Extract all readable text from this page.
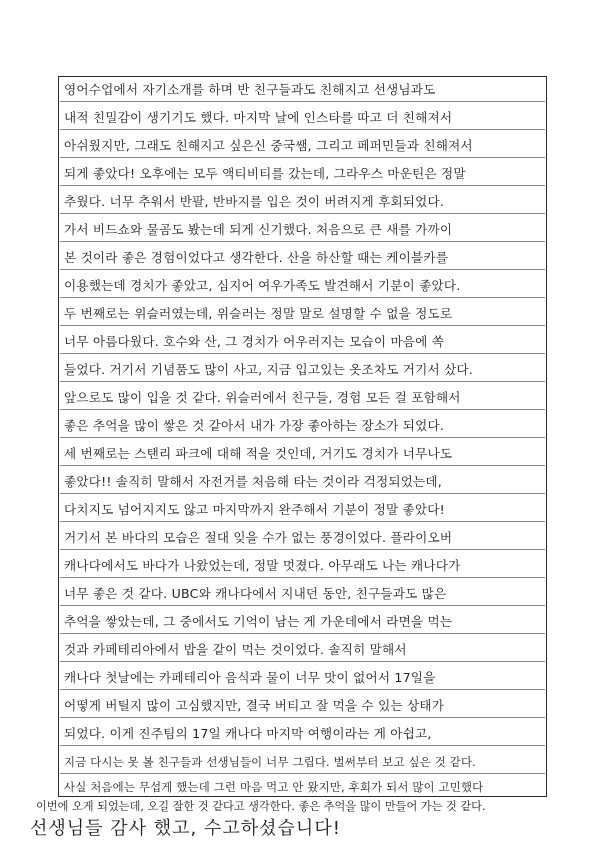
영어수업에서 자기소개를 하며 반 친구들과도 친해지고 선생님과도
내적 친밀감이 생기기도 했다. 마지막 날에 인스타를 따고 더 친해져서
아쉬웠지만, 그래도 친해지고 싶은신 중국쌤, 그리고 페퍼민들과 친해져서
되게 좋았다! 오후에는 모두 액티비티를 갔는데, 그라우스 마운틴은 정말
추웠다. 너무 추워서 반팔, 반바지를 입은 것이 버려지게 후회되었다.
가서 비드쇼와 물곰도 봤는데 되게 신기했다. 처음으로 큰 새를 가까이
본 것이라 좋은 경험이었다고 생각한다. 산을 하산할 때는 케이블카를
이용했는데 경치가 좋았고, 심지어 여우가족도 발견해서 기분이 좋았다.
두 번째로는 위슬러였는데, 위슬러는 정말 말로 설명할 수 없을 정도로
너무 아름다웠다. 호수와 산, 그 경치가 어우러지는 모습이 마음에 쏙
들었다. 거기서 기념품도 많이 사고, 지금 입고있는 옷조차도 거기서 샀다.
앞으로도 많이 입을 것 같다. 위슬러에서 친구들, 경험 모든 걸 포함해서
좋은 추억을 많이 쌓은 것 같아서 내가 가장 좋아하는 장소가 되었다.
세 번째로는 스탠리 파크에 대해 적을 것인데, 거기도 경치가 너무나도
좋았다!! 솔직히 말해서 자전거를 처음해 타는 것이라 걱정되었는데,
다치지도 넘어지지도 않고 마지막까지 완주해서 기분이 정말 좋았다!
거기서 본 바다의 모습은 절대 잊을 수가 없는 풍경이었다. 플라이오버
캐나다에서도 바다가 나왔었는데, 정말 멋졌다. 아무래도 나는 캐나다가
너무 좋은 것 같다. UBC와 캐나다에서 지내던 동안, 친구들과도 많은
추억을 쌓았는데, 그 중에서도 기억이 남는 게 가운데에서 라면을 먹는
것과 카페테리아에서 밥을 같이 먹는 것이었다. 솔직히 말해서
캐나다 첫날에는 카페테리아 음식과 물이 너무 맛이 없어서 17일을
어떻게 버틸지 많이 고심했지만, 결국 버티고 잘 먹을 수 있는 상태가
되었다. 이게 진주팀의 17일 캐나다 마지막 여행이라는 게 아쉽고,
지금 다시는 못 볼 친구들과 선생님들이 너무 그립다. 벌써부터 보고 싶은 것 같다.
사실 처음에는 무섭게 했는데 그런 마음 먹고 안 왔지만, 후회가 되서 많이 고민했다
이번에 오게 되었는데, 오길 잘한 것 같다고 생각한다. 좋은 추억을 많이 만들어 가는 것 같다.
선생님들 감사 했고, 수고하셨습니다!
